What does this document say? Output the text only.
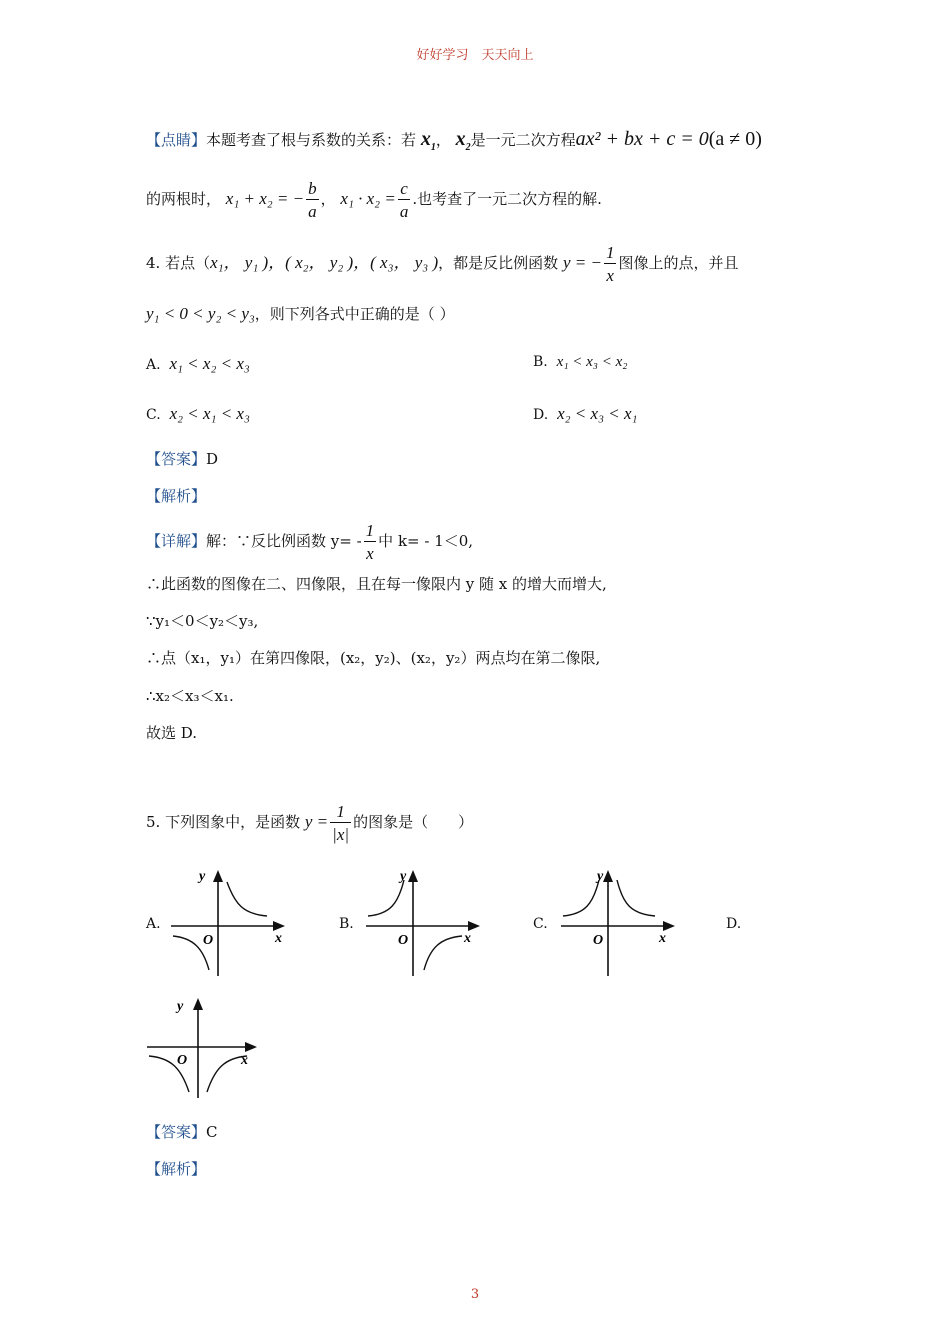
好好学习　天天向上
【点睛】本题考查了根与系数的关系：若 $x_1$， $x_2$是一元二次方程ax² + bx + c = 0(a ≠ 0)
的两根时， x₁ + x₂ = − $\frac{b}{a}$ ， $x_1 \cdot x_2 = \frac{c}{a}$ .也考查了一元二次方程的解.
4. 若点（x₁， y₁ )，( x₂， y₂ )，( x₃， y₃ )，都是反比例函数 y = − $\frac{1}{x}$ 图像上的点，并且
y₁ < 0 < y₂ < y₃，则下列各式中正确的是（ ）
A. x₁ < x₂ < x₃	B. x₁ < x₃ < x₂
C. x₂ < x₁ < x₃	D. x₂ < x₃ < x₁
【答案】D
【解析】
【详解】解：∵反比例函数 $y= - \frac{1}{x}$ 中 k= - 1＜0,
∴此函数的图像在二、四像限，且在每一像限内 y 随 x 的增大而增大,
∵y₁＜0＜y₂＜y₃,
∴点（x₁，y₁）在第四像限，(x₂，y₂)、(x₂，y₂）两点均在第二像限,
∴x₂＜x₃＜x₁.
故选 D.
5. 下列图象中，是函数 $y = \frac{1}{|x|}$ 的图象是（　　）
A.	B.	C.	D.
y
x
O
y
x
O
y
x
O
y
x
O
【答案】C
【解析】
3
